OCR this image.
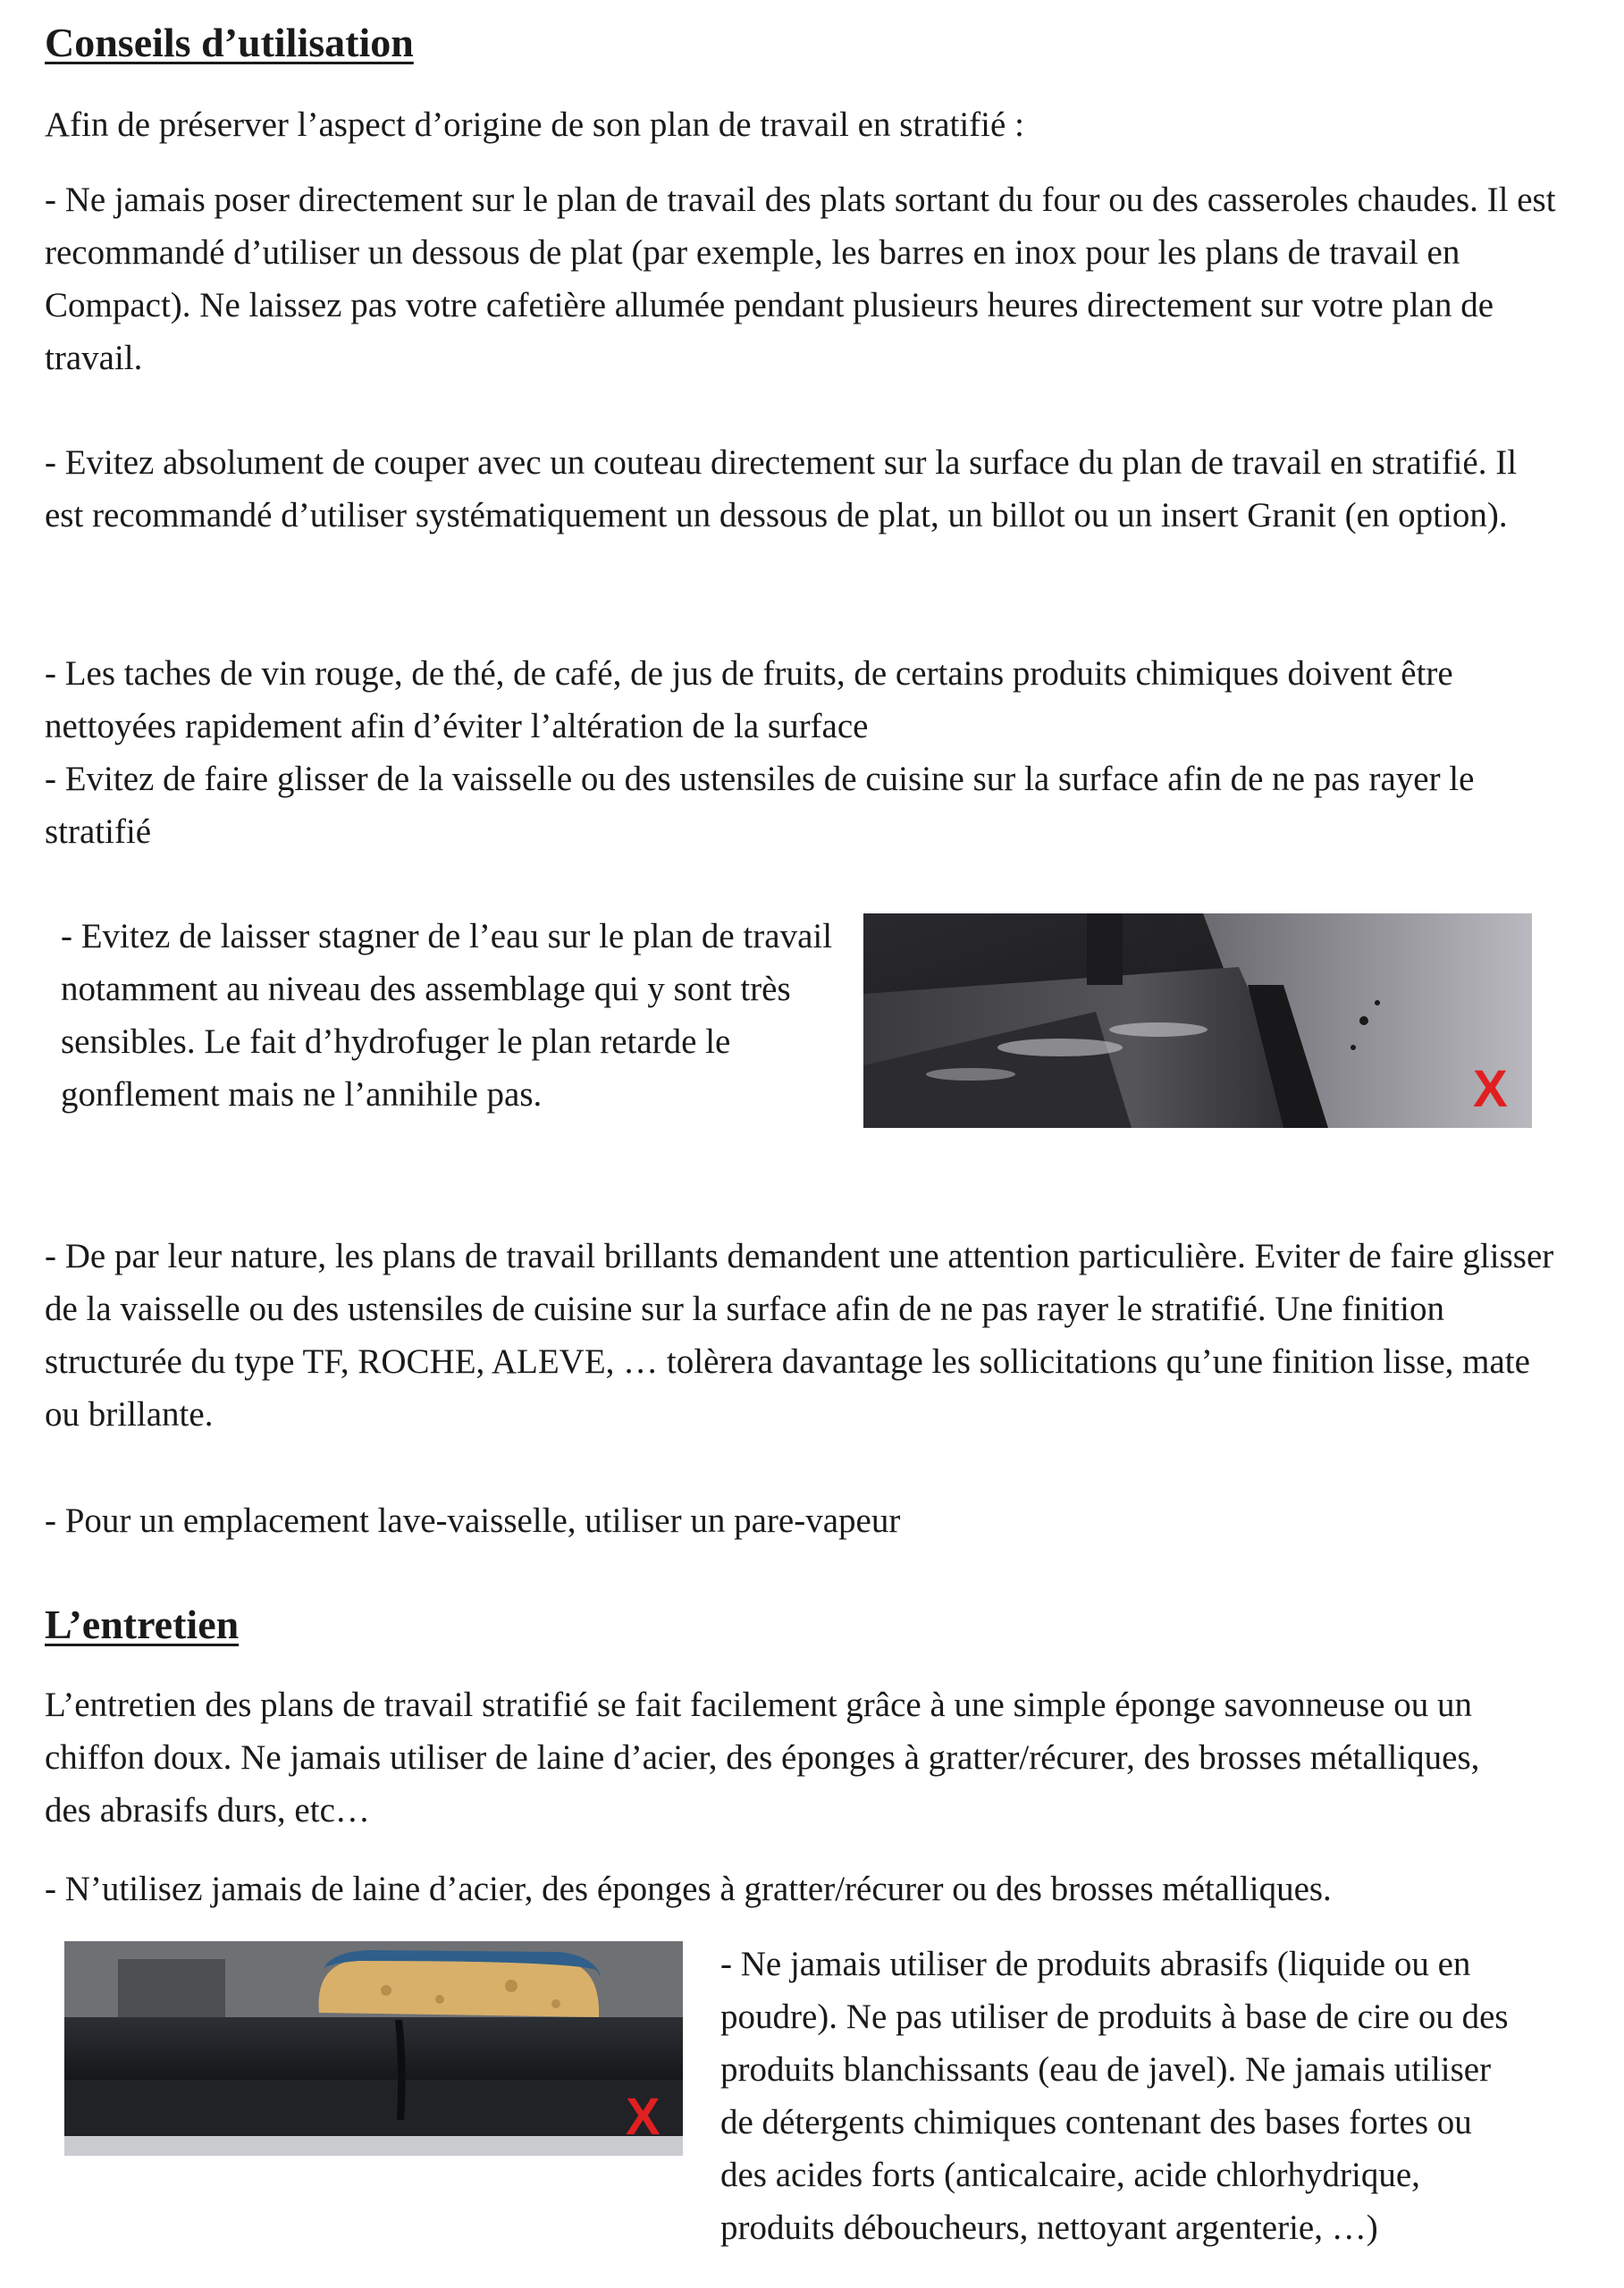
Conseils d’utilisation

Afin de préserver l’aspect d’origine de son plan de travail en stratifié :

- Ne jamais poser directement sur le plan de travail des plats sortant du four ou des casseroles chaudes. Il est recommandé d’utiliser un dessous de plat (par exemple, les barres en inox pour les plans de travail en Compact). Ne laissez pas votre cafetière allumée pendant plusieurs heures directement sur votre plan de travail.

- Evitez absolument de couper avec un couteau directement sur la surface du plan de travail en stratifié. Il est recommandé d’utiliser systématiquement un dessous de plat, un billot ou un insert Granit (en option).

- Les taches de vin rouge, de thé, de café, de jus de fruits, de certains produits chimiques doivent être nettoyées rapidement afin d’éviter l’altération de la surface

- Evitez de faire glisser de la vaisselle ou des ustensiles de cuisine sur la surface afin de ne pas rayer le stratifié

- Evitez de laisser stagner de l’eau sur le plan de travail notamment au niveau des assemblage qui y sont très sensibles. Le fait d’hydrofuger le plan retarde le gonflement mais ne l’annihile pas.	X

- De par leur nature, les plans de travail brillants demandent une attention particulière. Eviter de faire glisser de la vaisselle ou des ustensiles de cuisine sur la surface afin de ne pas rayer le stratifié. Une finition structurée du type TF, ROCHE, ALEVE, … tolèrera davantage les sollicitations qu’une finition lisse, mate ou brillante.

- Pour un emplacement lave-vaisselle, utiliser un pare-vapeur

L’entretien

L’entretien des plans de travail stratifié se fait facilement grâce à une simple éponge savonneuse ou un chiffon doux. Ne jamais utiliser de laine d’acier, des éponges à gratter/récurer, des brosses métalliques, des abrasifs durs, etc…

- N’utilisez jamais de laine d’acier, des éponges à gratter/récurer ou des brosses métalliques.

X

- Ne jamais utiliser de produits abrasifs (liquide ou en poudre). Ne pas utiliser de produits à base de cire ou des produits blanchissants (eau de javel). Ne jamais utiliser de détergents chimiques contenant des bases fortes ou des acides forts (anticalcaire, acide chlorhydrique, produits déboucheurs, nettoyant argenterie, …)
